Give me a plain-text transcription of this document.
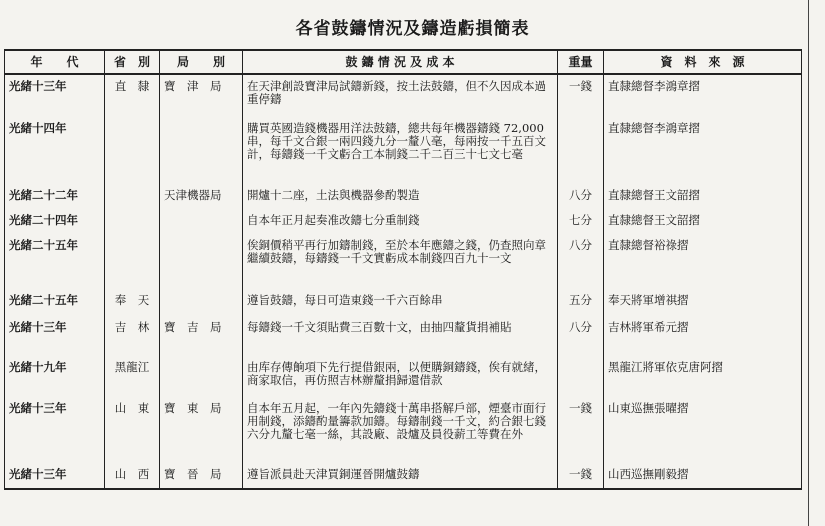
各省鼓鑄情況及鑄造虧損簡表
年　　代	省　別	局　　別	鼓 鑄 情 況 及 成 本	重量	資　料　來　源
光緒十三年	直　隸	寶　津　局	在天津創設寶津局試鑄新錢，按土法鼓鑄，但不久因成本過重停鑄	一錢	直隸總督李鴻章摺
光緒十四年			購買英國造錢機器用洋法鼓鑄，總共每年機器鑄錢 72,000 串，每千文合銀一兩四錢九分一釐八毫，每兩按一千五百文計，每鑄錢一千文虧合工本制錢二千二百三十七文七毫		直隸總督李鴻章摺
光緒二十二年		天津機器局	開爐十二座，土法與機器參酌製造	八分	直隸總督王文韶摺
光緒二十四年			自本年正月起奏准改鑄七分重制錢	七分	直隸總督王文韶摺
光緒二十五年			俟銅價稍平再行加鑄制錢，至於本年應鑄之錢，仍查照向章繼續鼓鑄，每鑄錢一千文實虧成本制錢四百九十一文	八分	直隸總督裕祿摺
光緒二十五年	奉　天		遵旨鼓鑄，每日可造東錢一千六百餘串	五分	奉天將軍增祺摺
光緒十三年	吉　林	寶　吉　局	每鑄錢一千文須貼費三百數十文，由抽四釐貨捐補貼	八分	吉林將軍希元摺
光緒十九年	黑龍江		由库存傳餉項下先行提借銀兩，以便購銅鑄錢，俟有就緒，商家取信，再仿照吉林辦釐捐歸還借款		黑龍江將軍依克唐阿摺
光緒十三年	山　東	寶　東　局	自本年五月起，一年內先鑄錢十萬串搭解戶部，煙臺市面行用制錢，添鑄酌量籌款加鑄。每鑄制錢一千文，約合銀七錢六分九釐七毫一絲，其設廠、設爐及員役薪工等費在外	一錢	山東巡撫張曜摺
光緒十三年	山　西	寶　晉　局	遵旨派員赴天津買銅運晉開爐鼓鑄	一錢	山西巡撫剛毅摺
